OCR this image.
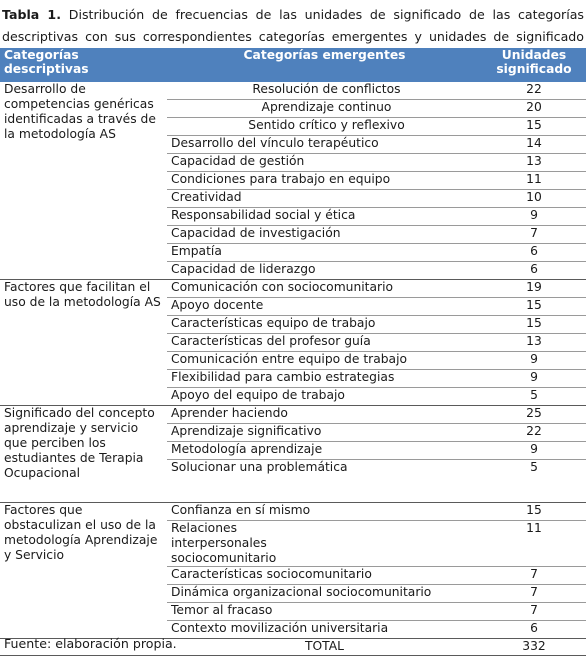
Tabla 1. Distribución de frecuencias de las unidades de significado de las categorías
descriptivas con sus correspondientes categorías emergentes y unidades de significado
Categorías descriptivas	Categorías emergentes	Unidades significado
Desarrollo de competencias genéricas identificadas a través de la metodología AS	Resolución de conflictos	22
	Aprendizaje continuo	20
	Sentido crítico y reflexivo	15
	Desarrollo del vínculo terapéutico	14
	Capacidad de gestión	13
	Condiciones para trabajo en equipo	11
	Creatividad	10
	Responsabilidad social y ética	9
	Capacidad de investigación	7
	Empatía	6
	Capacidad de liderazgo	6
Factores que facilitan el uso de la metodología AS	Comunicación con sociocomunitario	19
	Apoyo docente	15
	Características equipo de trabajo	15
	Características del profesor guía	13
	Comunicación entre equipo de trabajo	9
	Flexibilidad para cambio estrategias	9
	Apoyo del equipo de trabajo	5
Significado del concepto aprendizaje y servicio que perciben los estudiantes de Terapia Ocupacional	Aprender haciendo	25
	Aprendizaje significativo	22
	Metodología aprendizaje	9
	Solucionar una problemática	5
Factores que obstaculizan el uso de la metodología Aprendizaje y Servicio	Confianza en sí mismo	15
	Relaciones interpersonales sociocomunitario	11
	Características sociocomunitario	7
	Dinámica organizacional sociocomunitario	7
	Temor al fracaso	7
	Contexto movilización universitaria	6
	TOTAL	332
Fuente: elaboración propia.
